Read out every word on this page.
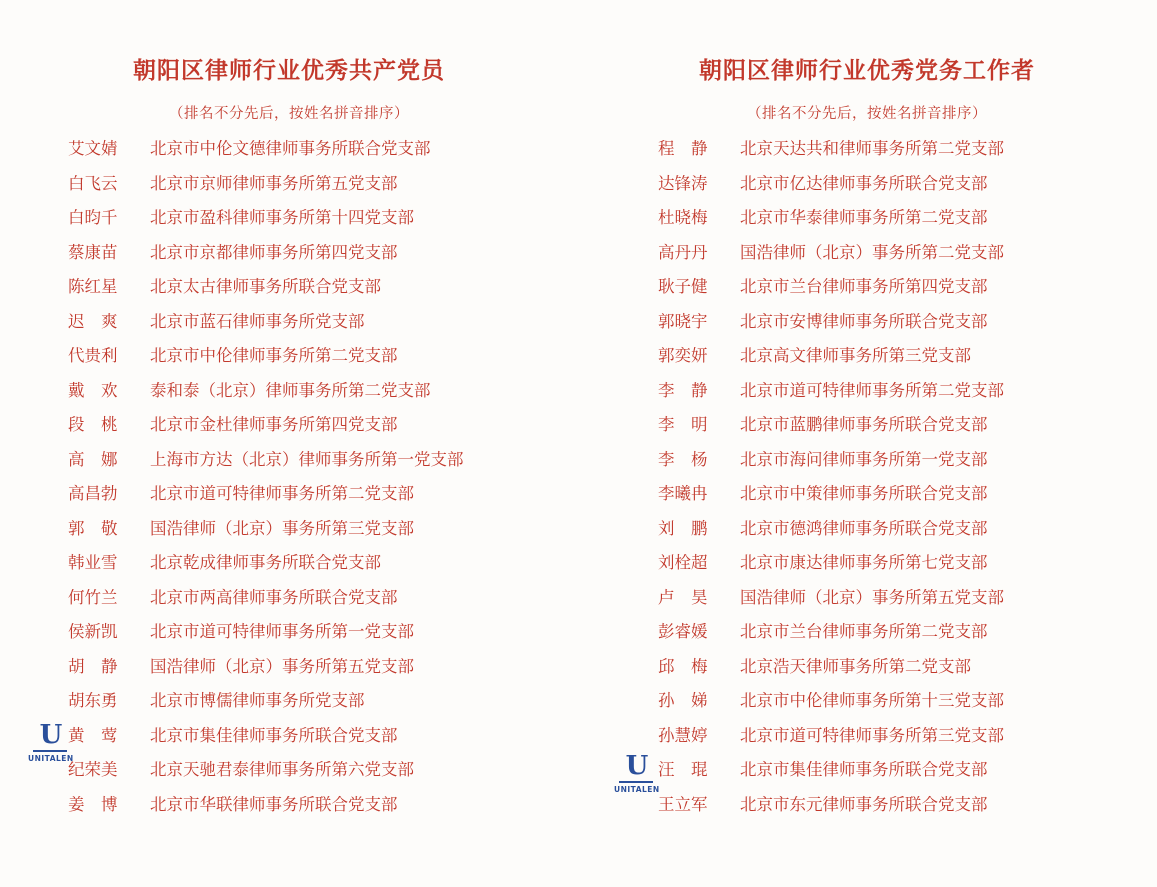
朝阳区律师行业优秀共产党员
（排名不分先后，按姓名拼音排序）
艾文婧	北京市中伦文德律师事务所联合党支部
白飞云	北京市京师律师事务所第五党支部
白昀千	北京市盈科律师事务所第十四党支部
蔡康苗	北京市京都律师事务所第四党支部
陈红星	北京太古律师事务所联合党支部
迟　爽	北京市蓝石律师事务所党支部
代贵利	北京市中伦律师事务所第二党支部
戴　欢	泰和泰（北京）律师事务所第二党支部
段　桃	北京市金杜律师事务所第四党支部
高　娜	上海市方达（北京）律师事务所第一党支部
高昌勃	北京市道可特律师事务所第二党支部
郭　敬	国浩律师（北京）事务所第三党支部
韩业雪	北京乾成律师事务所联合党支部
何竹兰	北京市两高律师事务所联合党支部
侯新凯	北京市道可特律师事务所第一党支部
胡　静	国浩律师（北京）事务所第五党支部
胡东勇	北京市博儒律师事务所党支部
黄　莺	北京市集佳律师事务所联合党支部
纪荣美	北京天驰君泰律师事务所第六党支部
姜　博	北京市华联律师事务所联合党支部
朝阳区律师行业优秀党务工作者
（排名不分先后，按姓名拼音排序）
程　静	北京天达共和律师事务所第二党支部
达锋涛	北京市亿达律师事务所联合党支部
杜晓梅	北京市华泰律师事务所第二党支部
高丹丹	国浩律师（北京）事务所第二党支部
耿子健	北京市兰台律师事务所第四党支部
郭晓宇	北京市安博律师事务所联合党支部
郭奕妍	北京高文律师事务所第三党支部
李　静	北京市道可特律师事务所第二党支部
李　明	北京市蓝鹏律师事务所联合党支部
李　杨	北京市海问律师事务所第一党支部
李曦冉	北京市中策律师事务所联合党支部
刘　鹏	北京市德鸿律师事务所联合党支部
刘栓超	北京市康达律师事务所第七党支部
卢　昊	国浩律师（北京）事务所第五党支部
彭睿媛	北京市兰台律师事务所第二党支部
邱　梅	北京浩天律师事务所第二党支部
孙　娣	北京市中伦律师事务所第十三党支部
孙慧婷	北京市道可特律师事务所第三党支部
汪　琨	北京市集佳律师事务所联合党支部
王立军	北京市东元律师事务所联合党支部
U
UNITALEN	U
UNITALEN
